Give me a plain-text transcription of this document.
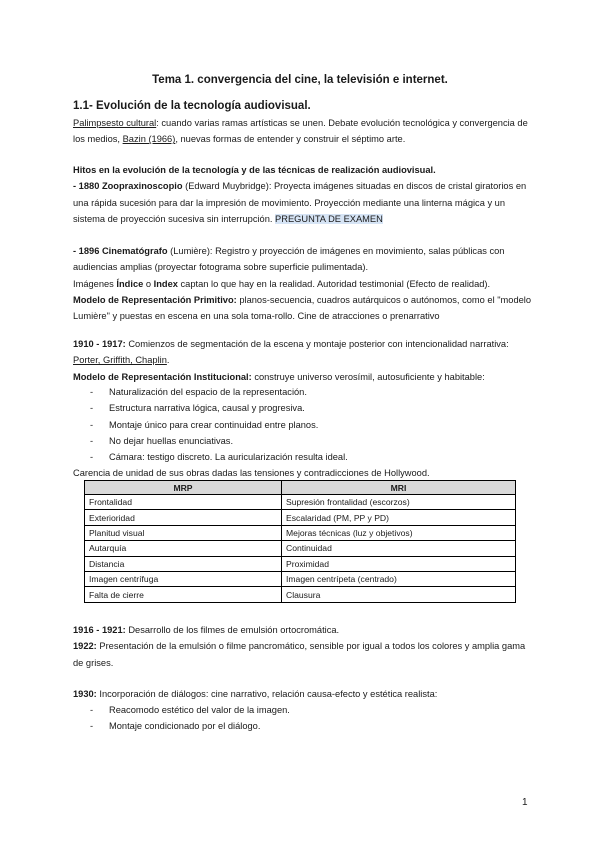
Tema 1. convergencia del cine, la televisión e internet.
1.1- Evolución de la tecnología audiovisual.
Palimpsesto cultural: cuando varias ramas artísticas se unen. Debate evolución tecnológica y convergencia de los medios, Bazin (1966), nuevas formas de entender y construir el séptimo arte.
Hitos en la evolución de la tecnología y de las técnicas de realización audiovisual.
- 1880 Zoopraxinoscopio (Edward Muybridge): Proyecta imágenes situadas en discos de cristal giratorios en una rápida sucesión para dar la impresión de movimiento. Proyección mediante una linterna mágica y un sistema de proyección sucesiva sin interrupción. PREGUNTA DE EXAMEN
- 1896 Cinematógrafo (Lumière): Registro y proyección de imágenes en movimiento, salas públicas con audiencias amplias (proyectar fotograma sobre superficie pulimentada).
Imágenes Índice o Index captan lo que hay en la realidad. Autoridad testimonial (Efecto de realidad).
Modelo de Representación Primitivo: planos-secuencia, cuadros autárquicos o autónomos, como el "modelo Lumière" y puestas en escena en una sola toma-rollo. Cine de atracciones o prenarrativo
1910 - 1917: Comienzos de segmentación de la escena y montaje posterior con intencionalidad narrativa: Porter, Griffith, Chaplin.
Modelo de Representación Institucional: construye universo verosímil, autosuficiente y habitable:
- Naturalización del espacio de la representación.
- Estructura narrativa lógica, causal y progresiva.
- Montaje único para crear continuidad entre planos.
- No dejar huellas enunciativas.
- Cámara: testigo discreto. La auricularización resulta ideal.
Carencia de unidad de sus obras dadas las tensiones y contradicciones de Hollywood.
MRP	MRI
Frontalidad	Supresión frontalidad (escorzos)
Exterioridad	Escalaridad (PM, PP y PD)
Planitud visual	Mejoras técnicas (luz y objetivos)
Autarquía	Continuidad
Distancia	Proximidad
Imagen centrífuga	Imagen centrípeta (centrado)
Falta de cierre	Clausura
1916 - 1921: Desarrollo de los filmes de emulsión ortocromática.
1922: Presentación de la emulsión o filme pancromático, sensible por igual a todos los colores y amplia gama de grises.
1930: Incorporación de diálogos: cine narrativo, relación causa-efecto y estética realista:
- Reacomodo estético del valor de la imagen.
- Montaje condicionado por el diálogo.
1
